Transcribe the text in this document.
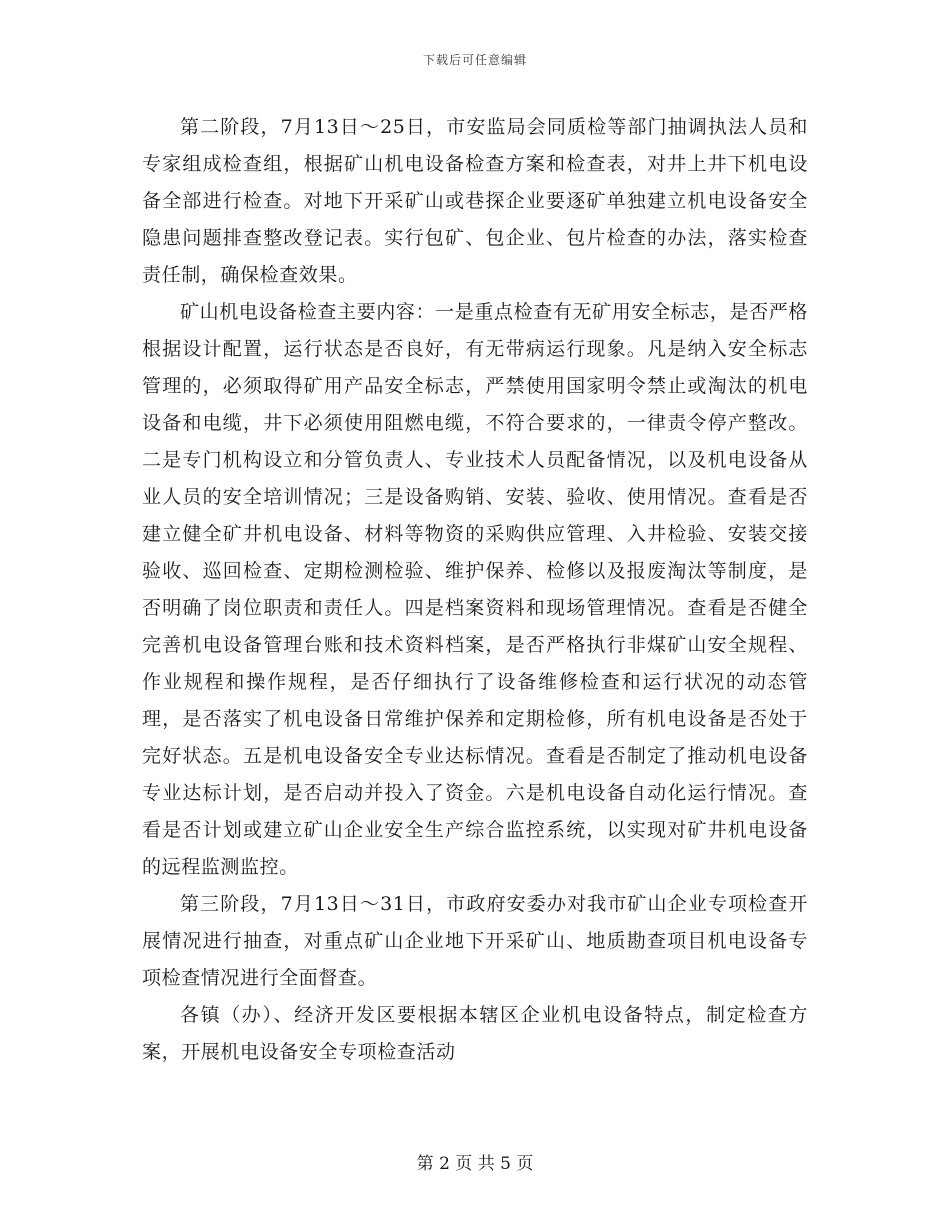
下载后可任意编辑

第二阶段，7月13日～25日，市安监局会同质检等部门抽调执法人员和专家组成检查组，根据矿山机电设备检查方案和检查表，对井上井下机电设备全部进行检查。对地下开采矿山或巷探企业要逐矿单独建立机电设备安全隐患问题排查整改登记表。实行包矿、包企业、包片检查的办法，落实检查责任制，确保检查效果。

矿山机电设备检查主要内容：一是重点检查有无矿用安全标志，是否严格根据设计配置，运行状态是否良好，有无带病运行现象。凡是纳入安全标志管理的，必须取得矿用产品安全标志，严禁使用国家明令禁止或淘汰的机电设备和电缆，井下必须使用阻燃电缆，不符合要求的，一律责令停产整改。二是专门机构设立和分管负责人、专业技术人员配备情况，以及机电设备从业人员的安全培训情况；三是设备购销、安装、验收、使用情况。查看是否建立健全矿井机电设备、材料等物资的采购供应管理、入井检验、安装交接验收、巡回检查、定期检测检验、维护保养、检修以及报废淘汰等制度，是否明确了岗位职责和责任人。四是档案资料和现场管理情况。查看是否健全完善机电设备管理台账和技术资料档案，是否严格执行非煤矿山安全规程、作业规程和操作规程，是否仔细执行了设备维修检查和运行状况的动态管理，是否落实了机电设备日常维护保养和定期检修，所有机电设备是否处于完好状态。五是机电设备安全专业达标情况。查看是否制定了推动机电设备专业达标计划，是否启动并投入了资金。六是机电设备自动化运行情况。查看是否计划或建立矿山企业安全生产综合监控系统，以实现对矿井机电设备的远程监测监控。

第三阶段，7月13日～31日，市政府安委办对我市矿山企业专项检查开展情况进行抽查，对重点矿山企业地下开采矿山、地质勘查项目机电设备专项检查情况进行全面督查。

各镇（办）、经济开发区要根据本辖区企业机电设备特点，制定检查方案，开展机电设备安全专项检查活动

第 2 页 共 5 页
